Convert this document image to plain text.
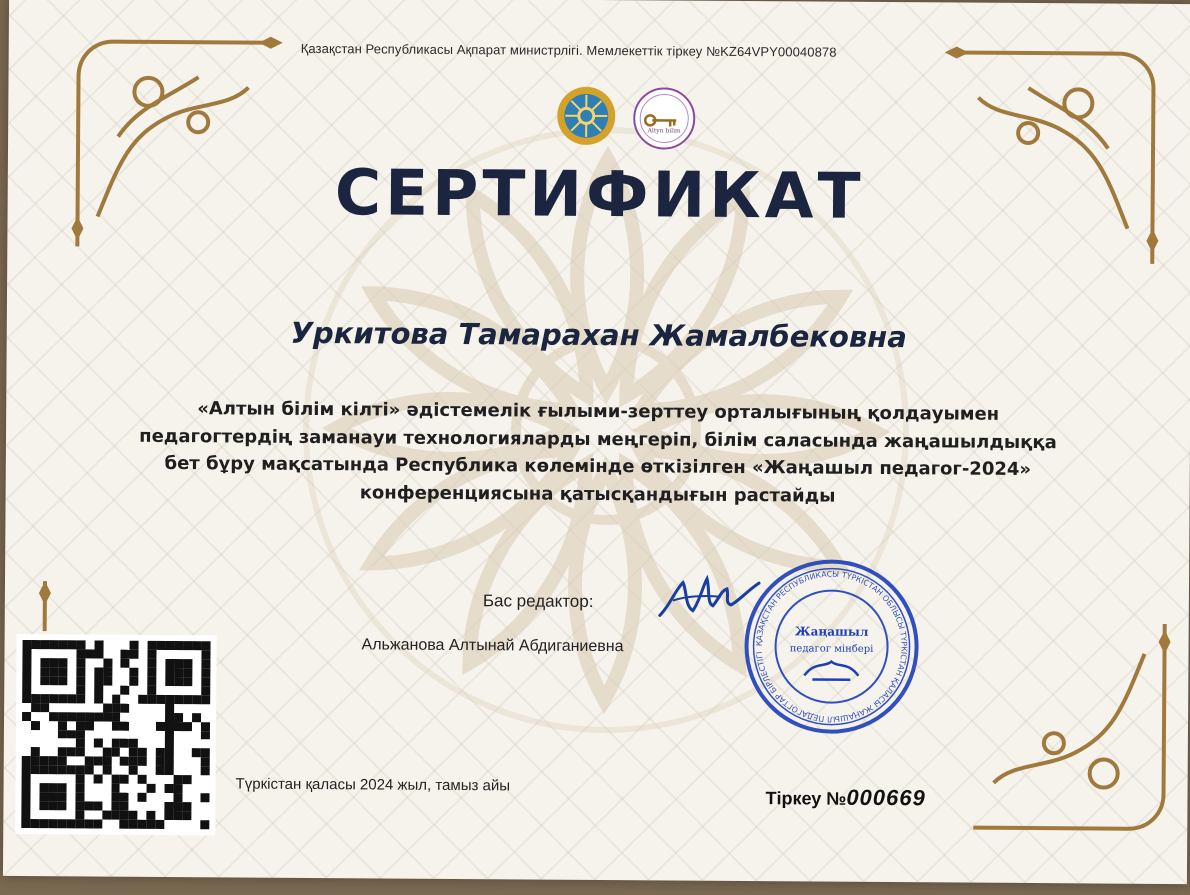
Қазақстан Республикасы Ақпарат министрлігі. Мемлекеттік тіркеу №KZ64VPY00040878
Altyn bilim
СЕРТИФИКАТ
Уркитова Тамарахан Жамалбековна
«Алтын білім кілті» әдістемелік ғылыми-зерттеу орталығының қолдауымен
педагогтердің заманауи технологияларды меңгеріп, білім саласында жаңашылдыққа
бет бұру мақсатында Республика көлемінде өткізілген «Жаңашыл педагог-2024»
конференциясына қатысқандығын растайды
Бас редактор:
Альжанова Алтынай Абдиганиевна	ҚАЗАҚСТАН РЕСПУБЛИКАСЫ ТҮРКІСТАН ОБЛЫСЫ ТҮРКІСТАН ҚАЛАСЫ ЖАҢАШЫЛ ПЕДАГОГТАР БІРЛЕСТІГІ
Жаңашыл
педагог мінбері
Түркістан қаласы 2024 жыл, тамыз айы
Тіркеу №000669
